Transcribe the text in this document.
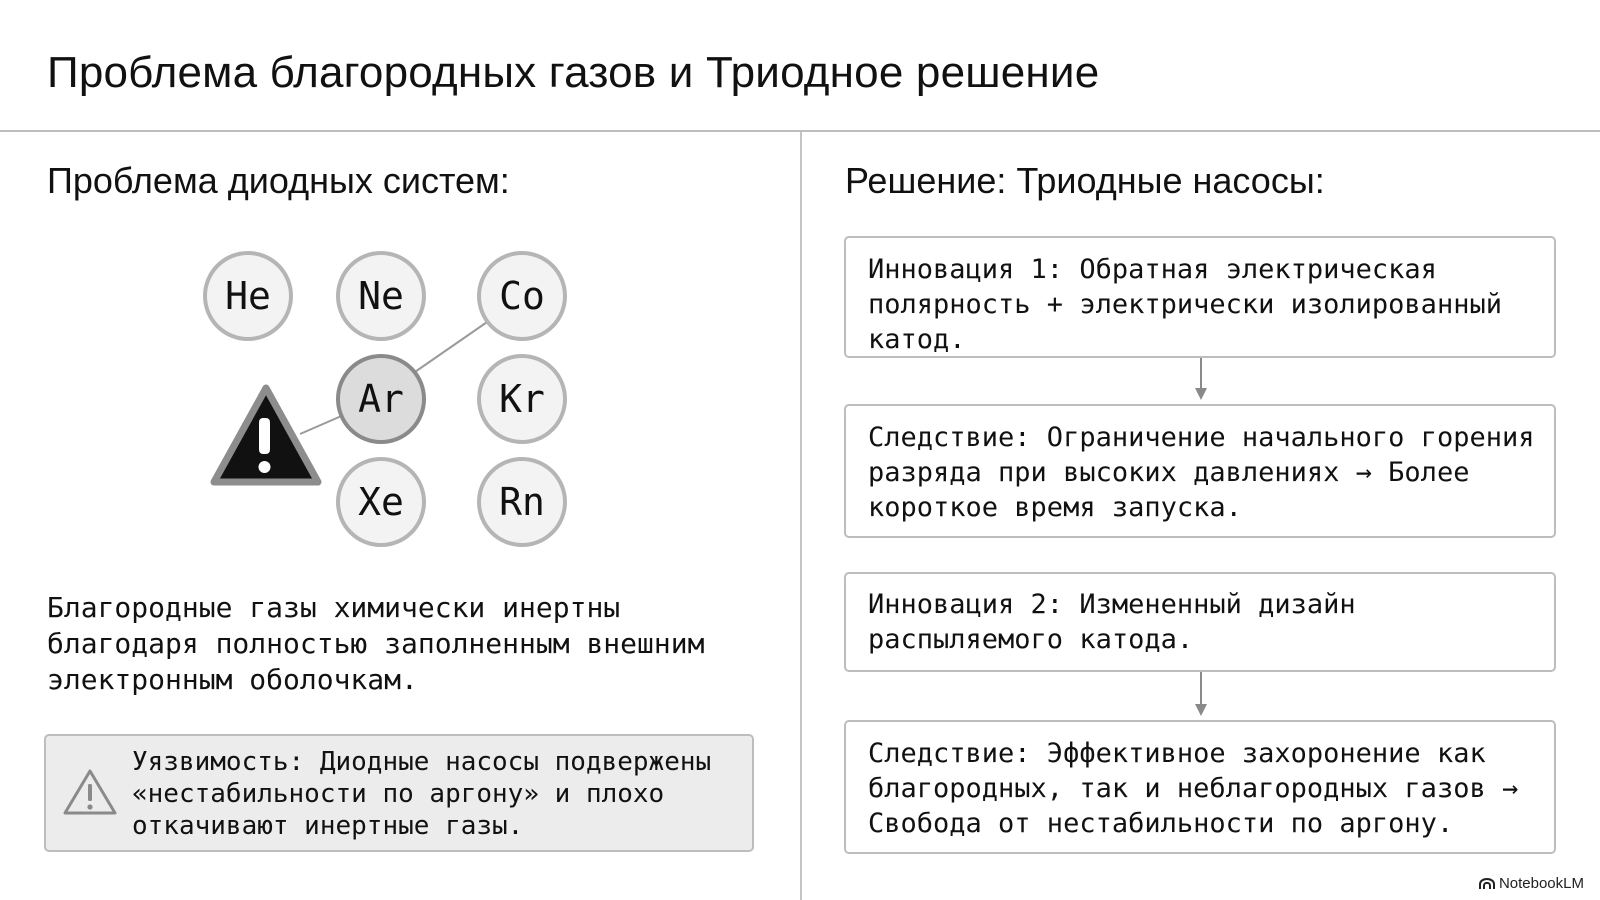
Проблема благородных газов и Триодное решение
Проблема диодных систем:
He Ne	Co
Ar	Kr
Xe	Rn

Благородные газы химически инертны благодаря полностью заполненным внешним электронным оболочкам.

Уязвимость: Диодные насосы подвержены «нестабильности по аргону» и плохо откачивают инертные газы.

Решение: Триодные насосы:

Инновация 1: Обратная электрическая полярность + электрически изолированный катод.

Следствие: Ограничение начального горения разряда при высоких давлениях → Более короткое время запуска.

Инновация 2: Измененный дизайн распыляемого катода.

Следствие: Эффективное захоронение как благородных, так и неблагородных газов → Свобода от нестабильности по аргону.

NotebookLM
